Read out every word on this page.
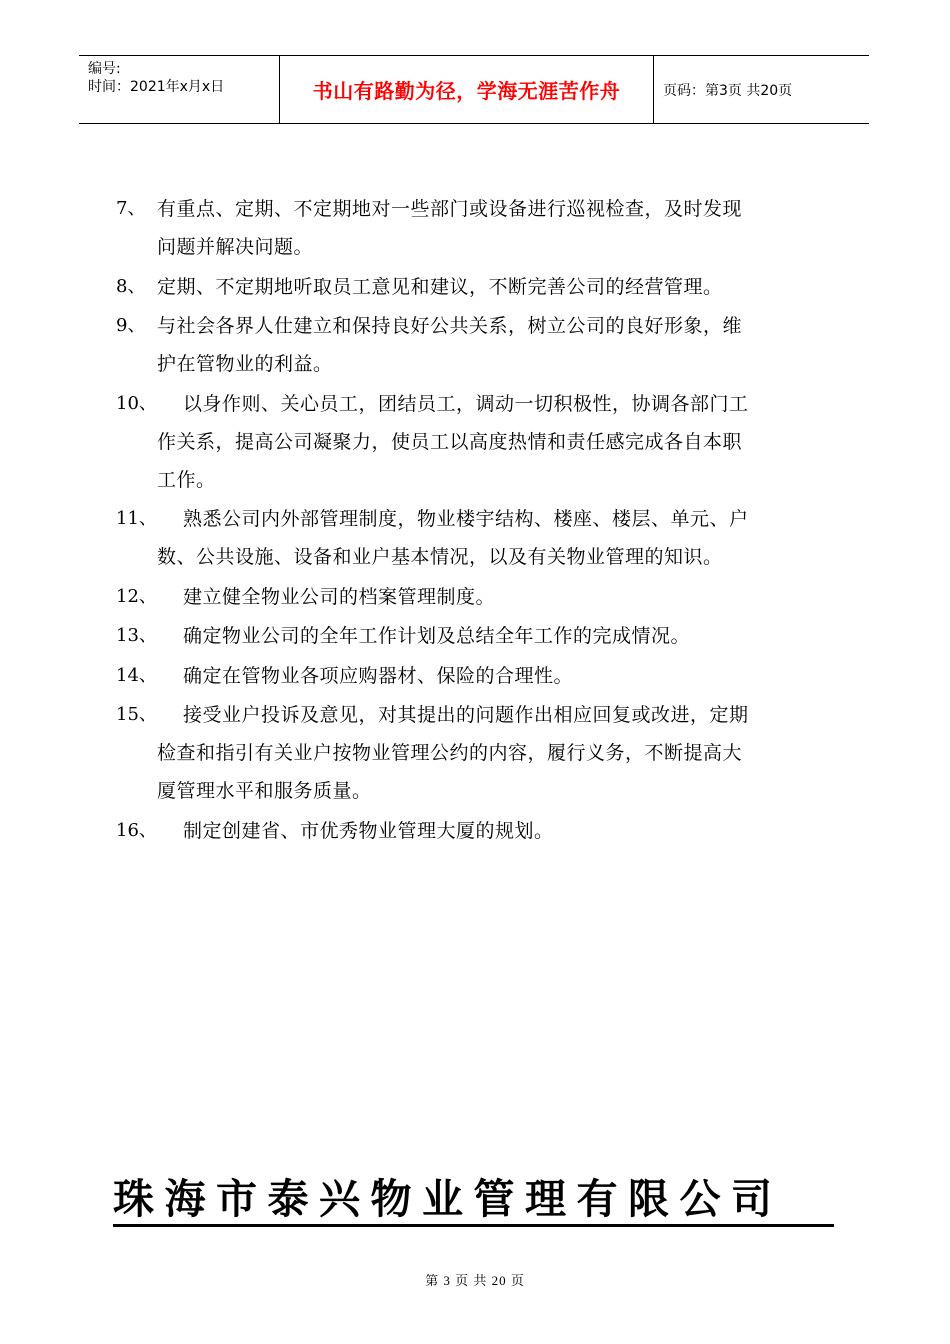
编号:
时间：2021年x月x日	书山有路勤为径，学海无涯苦作舟	页码：第3页 共20页
7、 有重点、定期、不定期地对一些部门或设备进行巡视检查，及时发现
问题并解决问题。
8、 定期、不定期地听取员工意见和建议，不断完善公司的经营管理。
9、 与社会各界人仕建立和保持良好公共关系，树立公司的良好形象，维
护在管物业的利益。
10、 以身作则、关心员工，团结员工，调动一切积极性，协调各部门工
作关系，提高公司凝聚力，使员工以高度热情和责任感完成各自本职
工作。
11、 熟悉公司内外部管理制度，物业楼宇结构、楼座、楼层、单元、户
数、公共设施、设备和业户基本情况，以及有关物业管理的知识。
12、 建立健全物业公司的档案管理制度。
13、 确定物业公司的全年工作计划及总结全年工作的完成情况。
14、 确定在管物业各项应购器材、保险的合理性。
15、 接受业户投诉及意见，对其提出的问题作出相应回复或改进，定期
检查和指引有关业户按物业管理公约的内容，履行义务，不断提高大
厦管理水平和服务质量。
16、 制定创建省、市优秀物业管理大厦的规划。
珠海市泰兴物业管理有限公司
第 3 页 共 20 页
